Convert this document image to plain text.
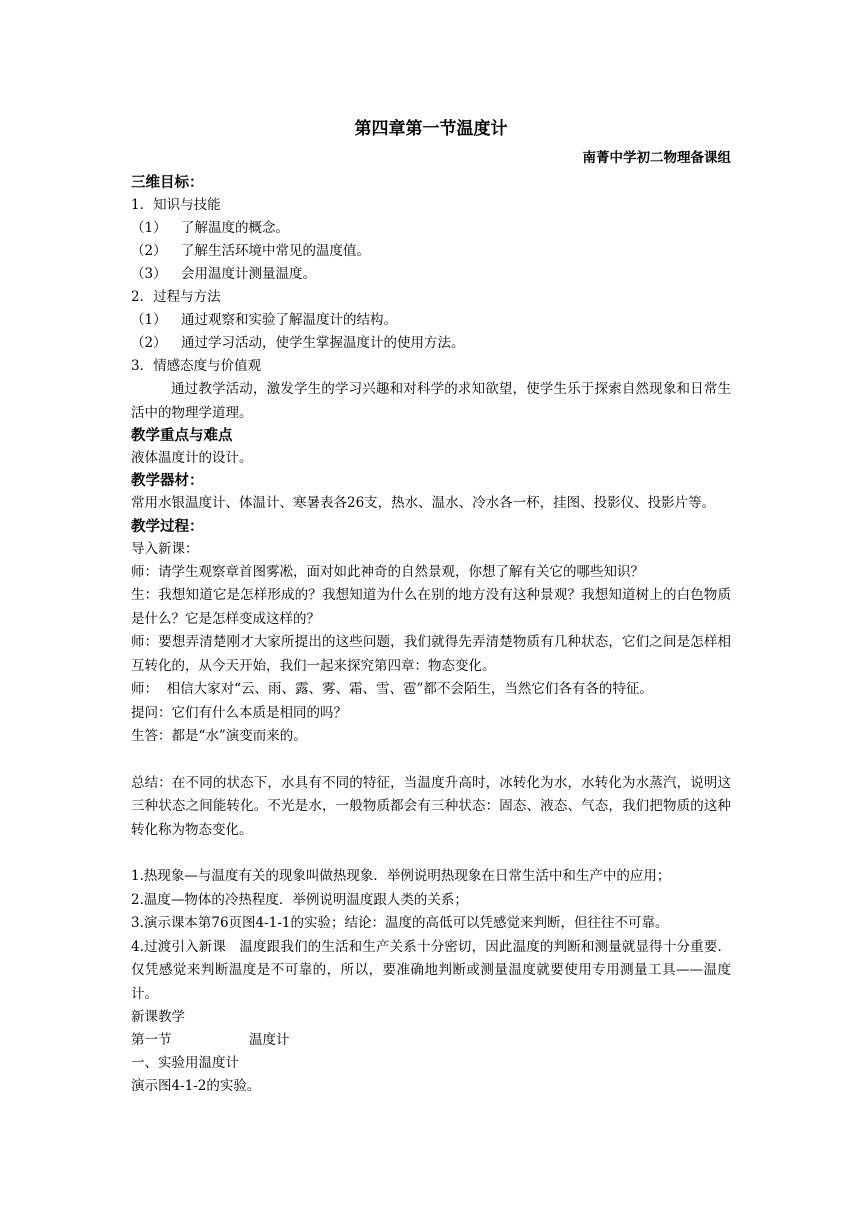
第四章第一节温度计
南菁中学初二物理备课组
三维目标：
1．知识与技能
（1） 了解温度的概念。
（2） 了解生活环境中常见的温度值。
（3） 会用温度计测量温度。
2．过程与方法
（1） 通过观察和实验了解温度计的结构。
（2） 通过学习活动，使学生掌握温度计的使用方法。
3．情感态度与价值观
通过教学活动，激发学生的学习兴趣和对科学的求知欲望，使学生乐于探索自然现象和日常生活中的物理学道理。
教学重点与难点
液体温度计的设计。
教学器材：
常用水银温度计、体温计、寒暑表各26支，热水、温水、冷水各一杯，挂图、投影仪、投影片等。
教学过程：
导入新课：
师：请学生观察章首图雾凇，面对如此神奇的自然景观，你想了解有关它的哪些知识？
生：我想知道它是怎样形成的？我想知道为什么在别的地方没有这种景观？我想知道树上的白色物质是什么？它是怎样变成这样的？
师：要想弄清楚刚才大家所提出的这些问题，我们就得先弄清楚物质有几种状态，它们之间是怎样相互转化的，从今天开始，我们一起来探究第四章：物态变化。
师：  相信大家对“云、雨、露、雾、霜、雪、雹”都不会陌生，当然它们各有各的特征。
提问：它们有什么本质是相同的吗？
生答：都是“水”演变而来的。
总结：在不同的状态下，水具有不同的特征，当温度升高时，冰转化为水，水转化为水蒸汽，说明这三种状态之间能转化。不光是水，一般物质都会有三种状态：固态、液态、气态，我们把物质的这种转化称为物态变化。
1.热现象—与温度有关的现象叫做热现象．举例说明热现象在日常生活中和生产中的应用；
2.温度—物体的冷热程度．举例说明温度跟人类的关系；
3.演示课本第76页图4-1-1的实验；结论：温度的高低可以凭感觉来判断，但往往不可靠。
4.过渡引入新课   温度跟我们的生活和生产关系十分密切，因此温度的判断和测量就显得十分重要．仅凭感觉来判断温度是不可靠的，所以，要准确地判断或测量温度就要使用专用测量工具——温度计。
新课教学
第一节	温度计
一、实验用温度计
演示图4-1-2的实验。
